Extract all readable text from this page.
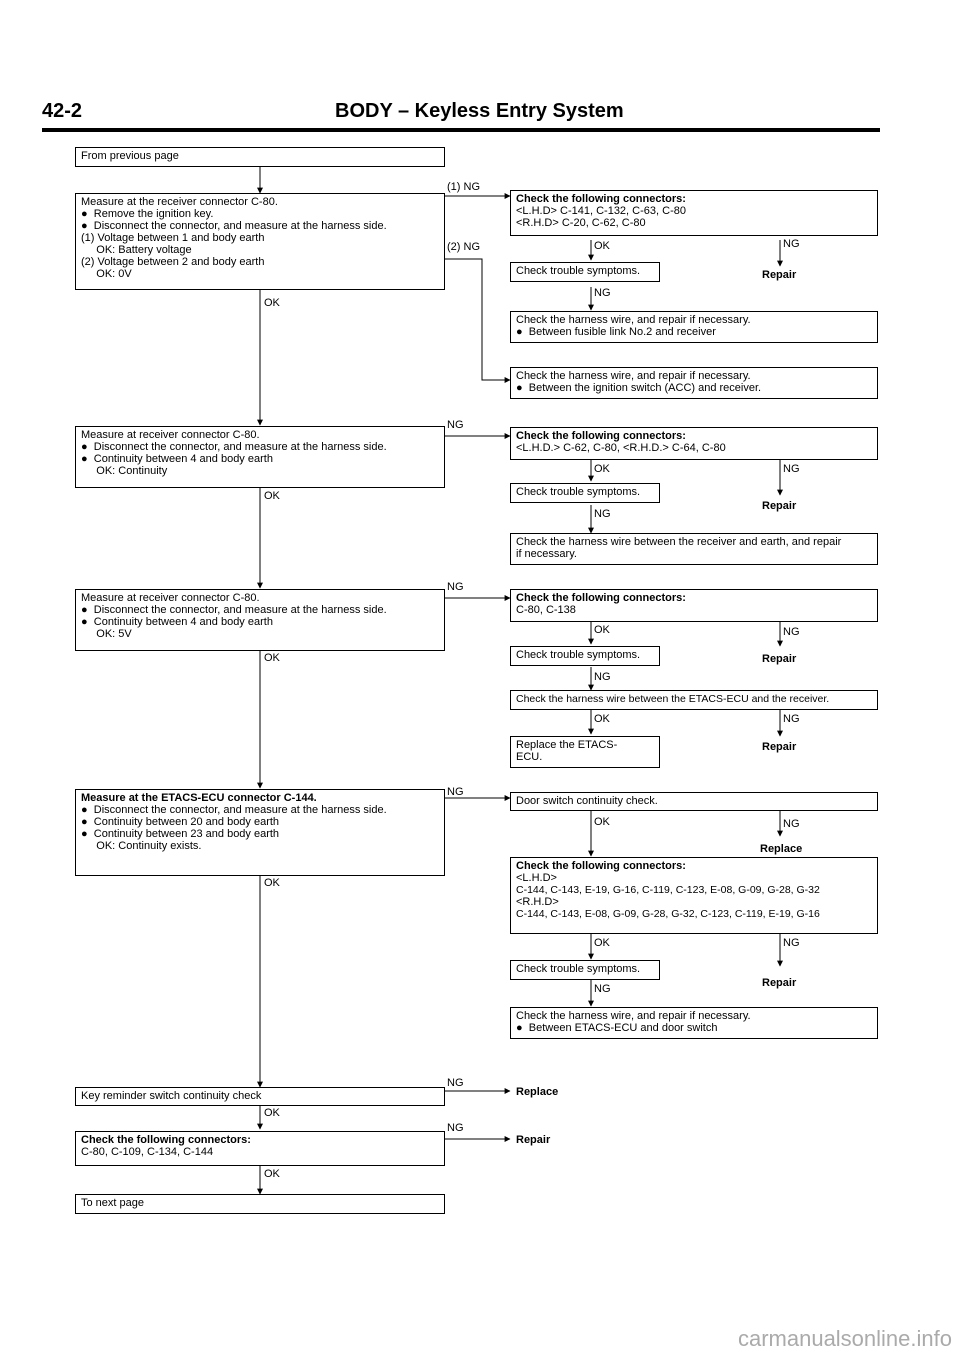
42-2	BODY – Keyless Entry System
From previous page
Measure at the receiver connector C-80.
●  Remove the ignition key.
●  Disconnect the connector, and measure at the harness side.
(1) Voltage between 1 and body earth
OK: Battery voltage
(2) Voltage between 2 and body earth
OK: 0V
(1) NG
(2) NG
OK
Check the following connectors:
<L.H.D> C-141, C-132, C-63, C-80
<R.H.D> C-20, C-62, C-80
OK	NG
Check trouble symptoms.	Repair
NG
Check the harness wire, and repair if necessary.
●  Between fusible link No.2 and receiver
Check the harness wire, and repair if necessary.
●  Between the ignition switch (ACC) and receiver.
Measure at receiver connector C-80.
●  Disconnect the connector, and measure at the harness side.
●  Continuity between 4 and body earth
OK: Continuity
NG
OK
Check the following connectors:
<L.H.D.> C-62, C-80, <R.H.D.> C-64, C-80
OK	NG
Check trouble symptoms.
Repair
NG
Check the harness wire between the receiver and earth, and repair
if necessary.
Measure at receiver connector C-80.
●  Disconnect the connector, and measure at the harness side.
●  Continuity between 4 and body earth
OK: 5V
NG
OK
Check the following connectors:
C-80, C-138
OK	NG
Check trouble symptoms.	Repair
NG
Check the harness wire between the ETACS-ECU and the receiver.
OK	NG
Replace the ETACS-
ECU.
Repair
Measure at the ETACS-ECU connector C-144.
●  Disconnect the connector, and measure at the harness side.
●  Continuity between 20 and body earth
●  Continuity between 23 and body earth
OK: Continuity exists.
NG
OK
Door switch continuity check.
OK	NG
Replace
Check the following connectors:
<L.H.D>
C-144, C-143, E-19, G-16, C-119, C-123, E-08, G-09, G-28, G-32
<R.H.D>
C-144, C-143, E-08, G-09, G-28, G-32, C-123, C-119, E-19, G-16
OK	NG
Check trouble symptoms.
Repair
NG
Check the harness wire, and repair if necessary.
●  Between ETACS-ECU and door switch
Key reminder switch continuity check
NG
Replace
OK
Check the following connectors:
C-80, C-109, C-134, C-144
NG
Repair
OK
To next page
carmanualsonline.info
